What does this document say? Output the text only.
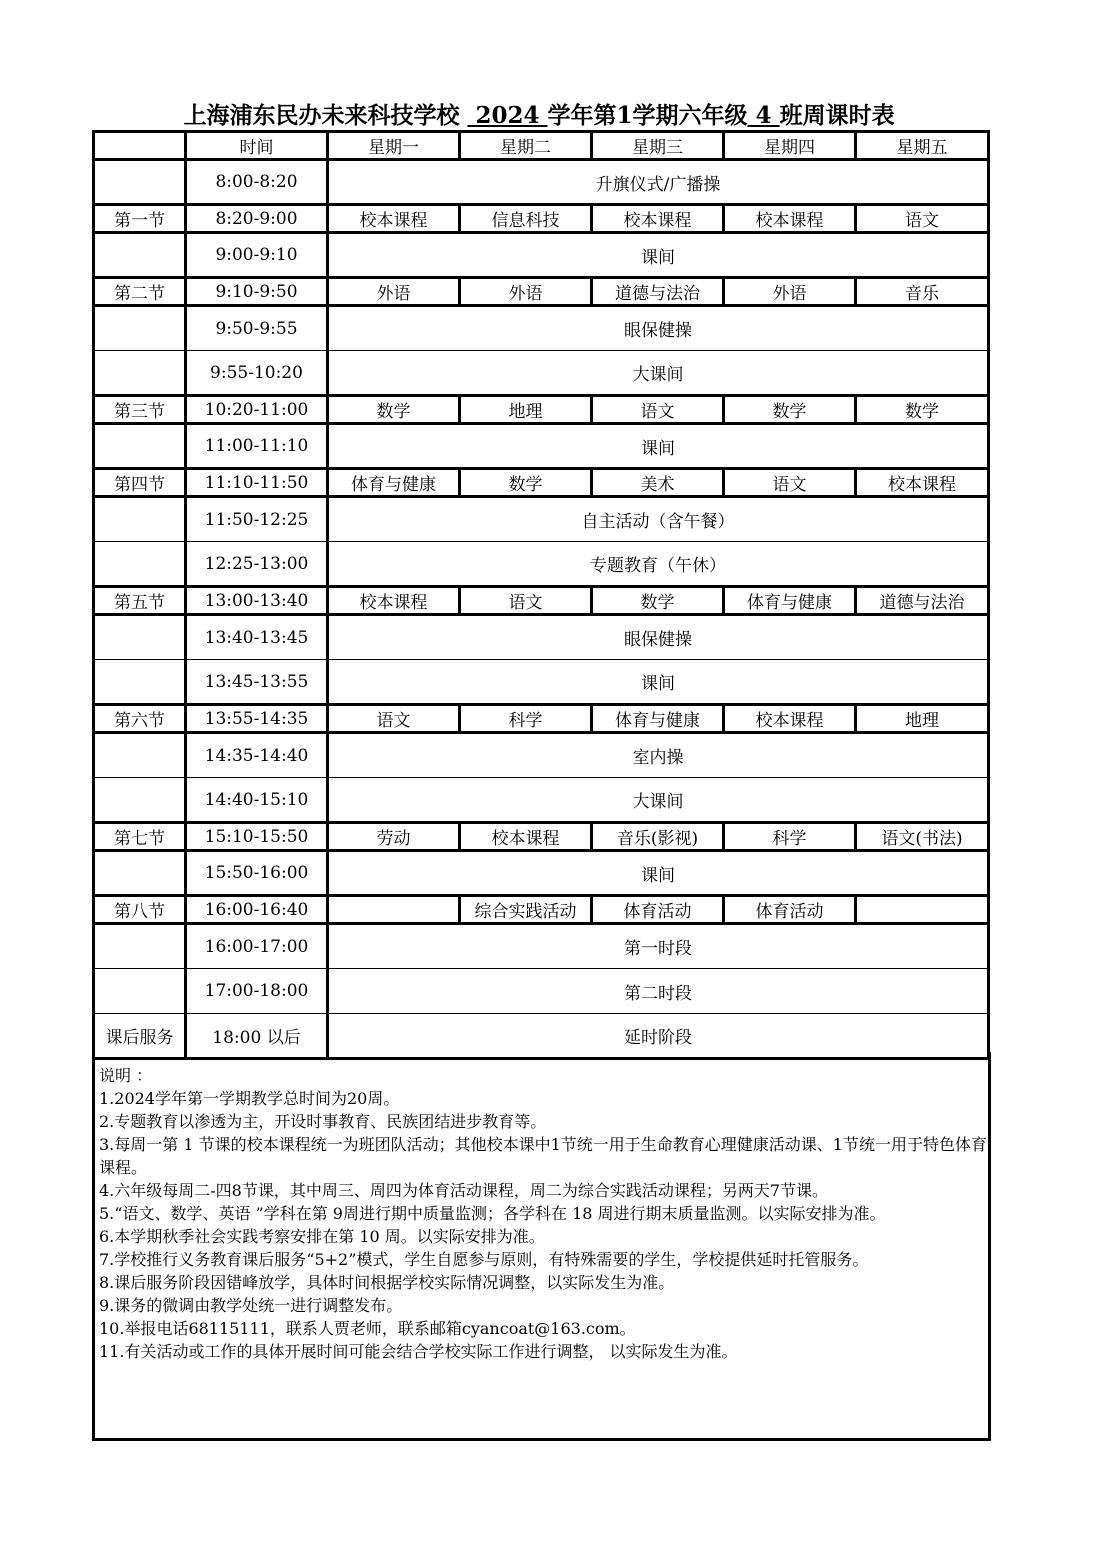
上海浦东民办未来科技学校 2024 学年第1学期六年级 4 班周课时表
	时间	星期一	星期二	星期三	星期四	星期五
	8:00-8:20	升旗仪式/广播操				
第一节	8:20-9:00	校本课程	信息科技	校本课程	校本课程	语文
	9:00-9:10	课间				
第二节	9:10-9:50	外语	外语	道德与法治	外语	音乐
	9:50-9:55	眼保健操				
	9:55-10:20	大课间				
第三节	10:20-11:00	数学	地理	语文	数学	数学
	11:00-11:10	课间				
第四节	11:10-11:50	体育与健康	数学	美术	语文	校本课程
	11:50-12:25	自主活动（含午餐）				
	12:25-13:00	专题教育（午休）				
第五节	13:00-13:40	校本课程	语文	数学	体育与健康	道德与法治
	13:40-13:45	眼保健操				
	13:45-13:55	课间				
第六节	13:55-14:35	语文	科学	体育与健康	校本课程	地理
	14:35-14:40	室内操				
	14:40-15:10	大课间				
第七节	15:10-15:50	劳动	校本课程	音乐(影视)	科学	语文(书法)
	15:50-16:00	课间				
第八节	16:00-16:40		综合实践活动	体育活动	体育活动	
	16:00-17:00	第一时段				
	17:00-18:00	第二时段				
课后服务	18:00 以后	延时阶段				
说明 ：
1.2024学年第一学期教学总时间为20周。
2.专题教育以渗透为主，开设时事教育、民族团结进步教育等。
3.每周一第 1 节课的校本课程统一为班团队活动；其他校本课中1节统一用于生命教育心理健康活动课、1节统一用于特色体育课程。
4.六年级每周二-四8节课，其中周三、周四为体育活动课程，周二为综合实践活动课程；另两天7节课。
5.“语文、数学、英语 ”学科在第 9周进行期中质量监测；各学科在 18 周进行期末质量监测。以实际安排为准。
6.本学期秋季社会实践考察安排在第 10 周。以实际安排为准。
7.学校推行义务教育课后服务“5+2”模式，学生自愿参与原则，有特殊需要的学生，学校提供延时托管服务。
8.课后服务阶段因错峰放学，具体时间根据学校实际情况调整，以实际发生为准。
9.课务的微调由教学处统一进行调整发布。
10.举报电话68115111，联系人贾老师，联系邮箱cyancoat@163.com。
11.有关活动或工作的具体开展时间可能会结合学校实际工作进行调整， 以实际发生为准。
